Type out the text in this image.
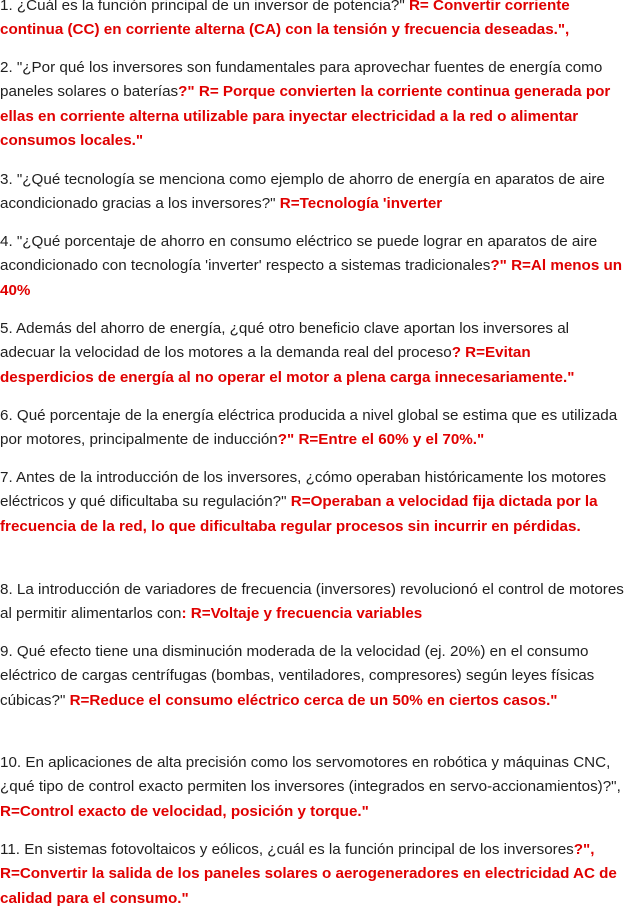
1. ¿Cuál es la función principal de un inversor de potencia?" R= Convertir corriente continua (CC) en corriente alterna (CA) con la tensión y frecuencia deseadas.",

2. "¿Por qué los inversores son fundamentales para aprovechar fuentes de energía como paneles solares o baterías?" R= Porque convierten la corriente continua generada por ellas en corriente alterna utilizable para inyectar electricidad a la red o alimentar consumos locales."

3. "¿Qué tecnología se menciona como ejemplo de ahorro de energía en aparatos de aire acondicionado gracias a los inversores?" R=Tecnología 'inverter

4. "¿Qué porcentaje de ahorro en consumo eléctrico se puede lograr en aparatos de aire acondicionado con tecnología 'inverter' respecto a sistemas tradicionales?" R=Al menos un 40%

5. Además del ahorro de energía, ¿qué otro beneficio clave aportan los inversores al adecuar la velocidad de los motores a la demanda real del proceso? R=Evitan desperdicios de energía al no operar el motor a plena carga innecesariamente."

6. Qué porcentaje de la energía eléctrica producida a nivel global se estima que es utilizada por motores, principalmente de inducción?" R=Entre el 60% y el 70%."

7. Antes de la introducción de los inversores, ¿cómo operaban históricamente los motores eléctricos y qué dificultaba su regulación?" R=Operaban a velocidad fija dictada por la frecuencia de la red, lo que dificultaba regular procesos sin incurrir en pérdidas.

8. La introducción de variadores de frecuencia (inversores) revolucionó el control de motores al permitir alimentarlos con: R=Voltaje y frecuencia variables

9. Qué efecto tiene una disminución moderada de la velocidad (ej. 20%) en el consumo eléctrico de cargas centrífugas (bombas, ventiladores, compresores) según leyes físicas cúbicas?" R=Reduce el consumo eléctrico cerca de un 50% en ciertos casos."

10. En aplicaciones de alta precisión como los servomotores en robótica y máquinas CNC, ¿qué tipo de control exacto permiten los inversores (integrados en servo-accionamientos)?", R=Control exacto de velocidad, posición y torque."

11. En sistemas fotovoltaicos y eólicos, ¿cuál es la función principal de los inversores?", R=Convertir la salida de los paneles solares o aerogeneradores en electricidad AC de calidad para el consumo."
